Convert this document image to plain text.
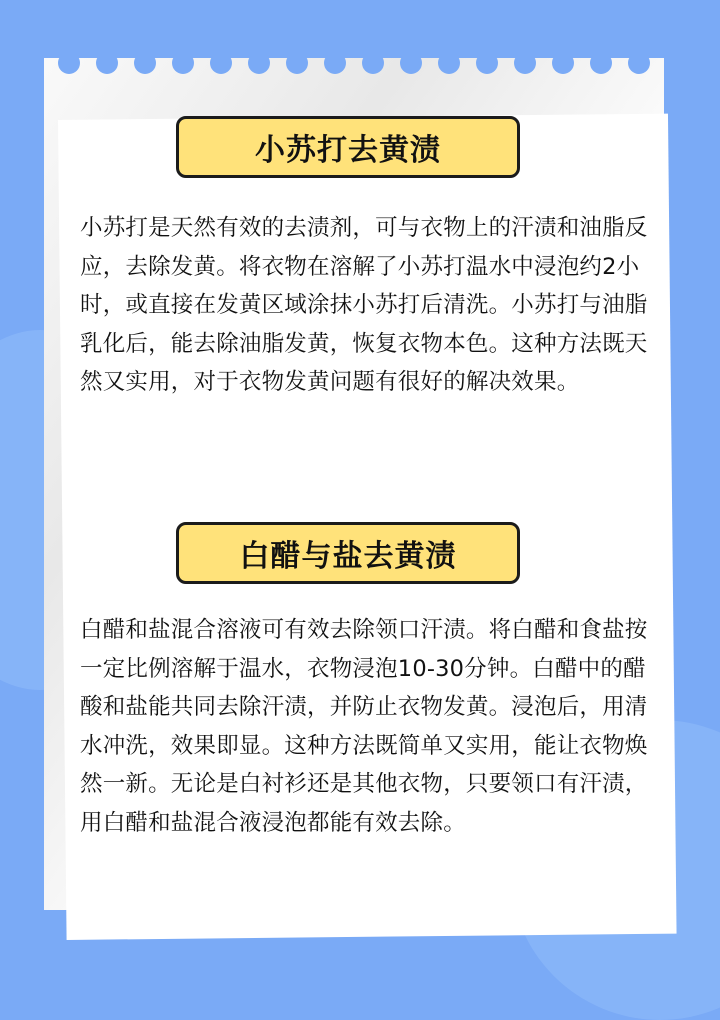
小苏打去黄渍
小苏打是天然有效的去渍剂，可与衣物上的汗渍和油脂反应，去除发黄。将衣物在溶解了小苏打温水中浸泡约2小时，或直接在发黄区域涂抹小苏打后清洗。小苏打与油脂乳化后，能去除油脂发黄，恢复衣物本色。这种方法既天然又实用，对于衣物发黄问题有很好的解决效果。
白醋与盐去黄渍
白醋和盐混合溶液可有效去除领口汗渍。将白醋和食盐按一定比例溶解于温水，衣物浸泡10-30分钟。白醋中的醋酸和盐能共同去除汗渍，并防止衣物发黄。浸泡后，用清水冲洗，效果即显。这种方法既简单又实用，能让衣物焕然一新。无论是白衬衫还是其他衣物，只要领口有汗渍，用白醋和盐混合液浸泡都能有效去除。
